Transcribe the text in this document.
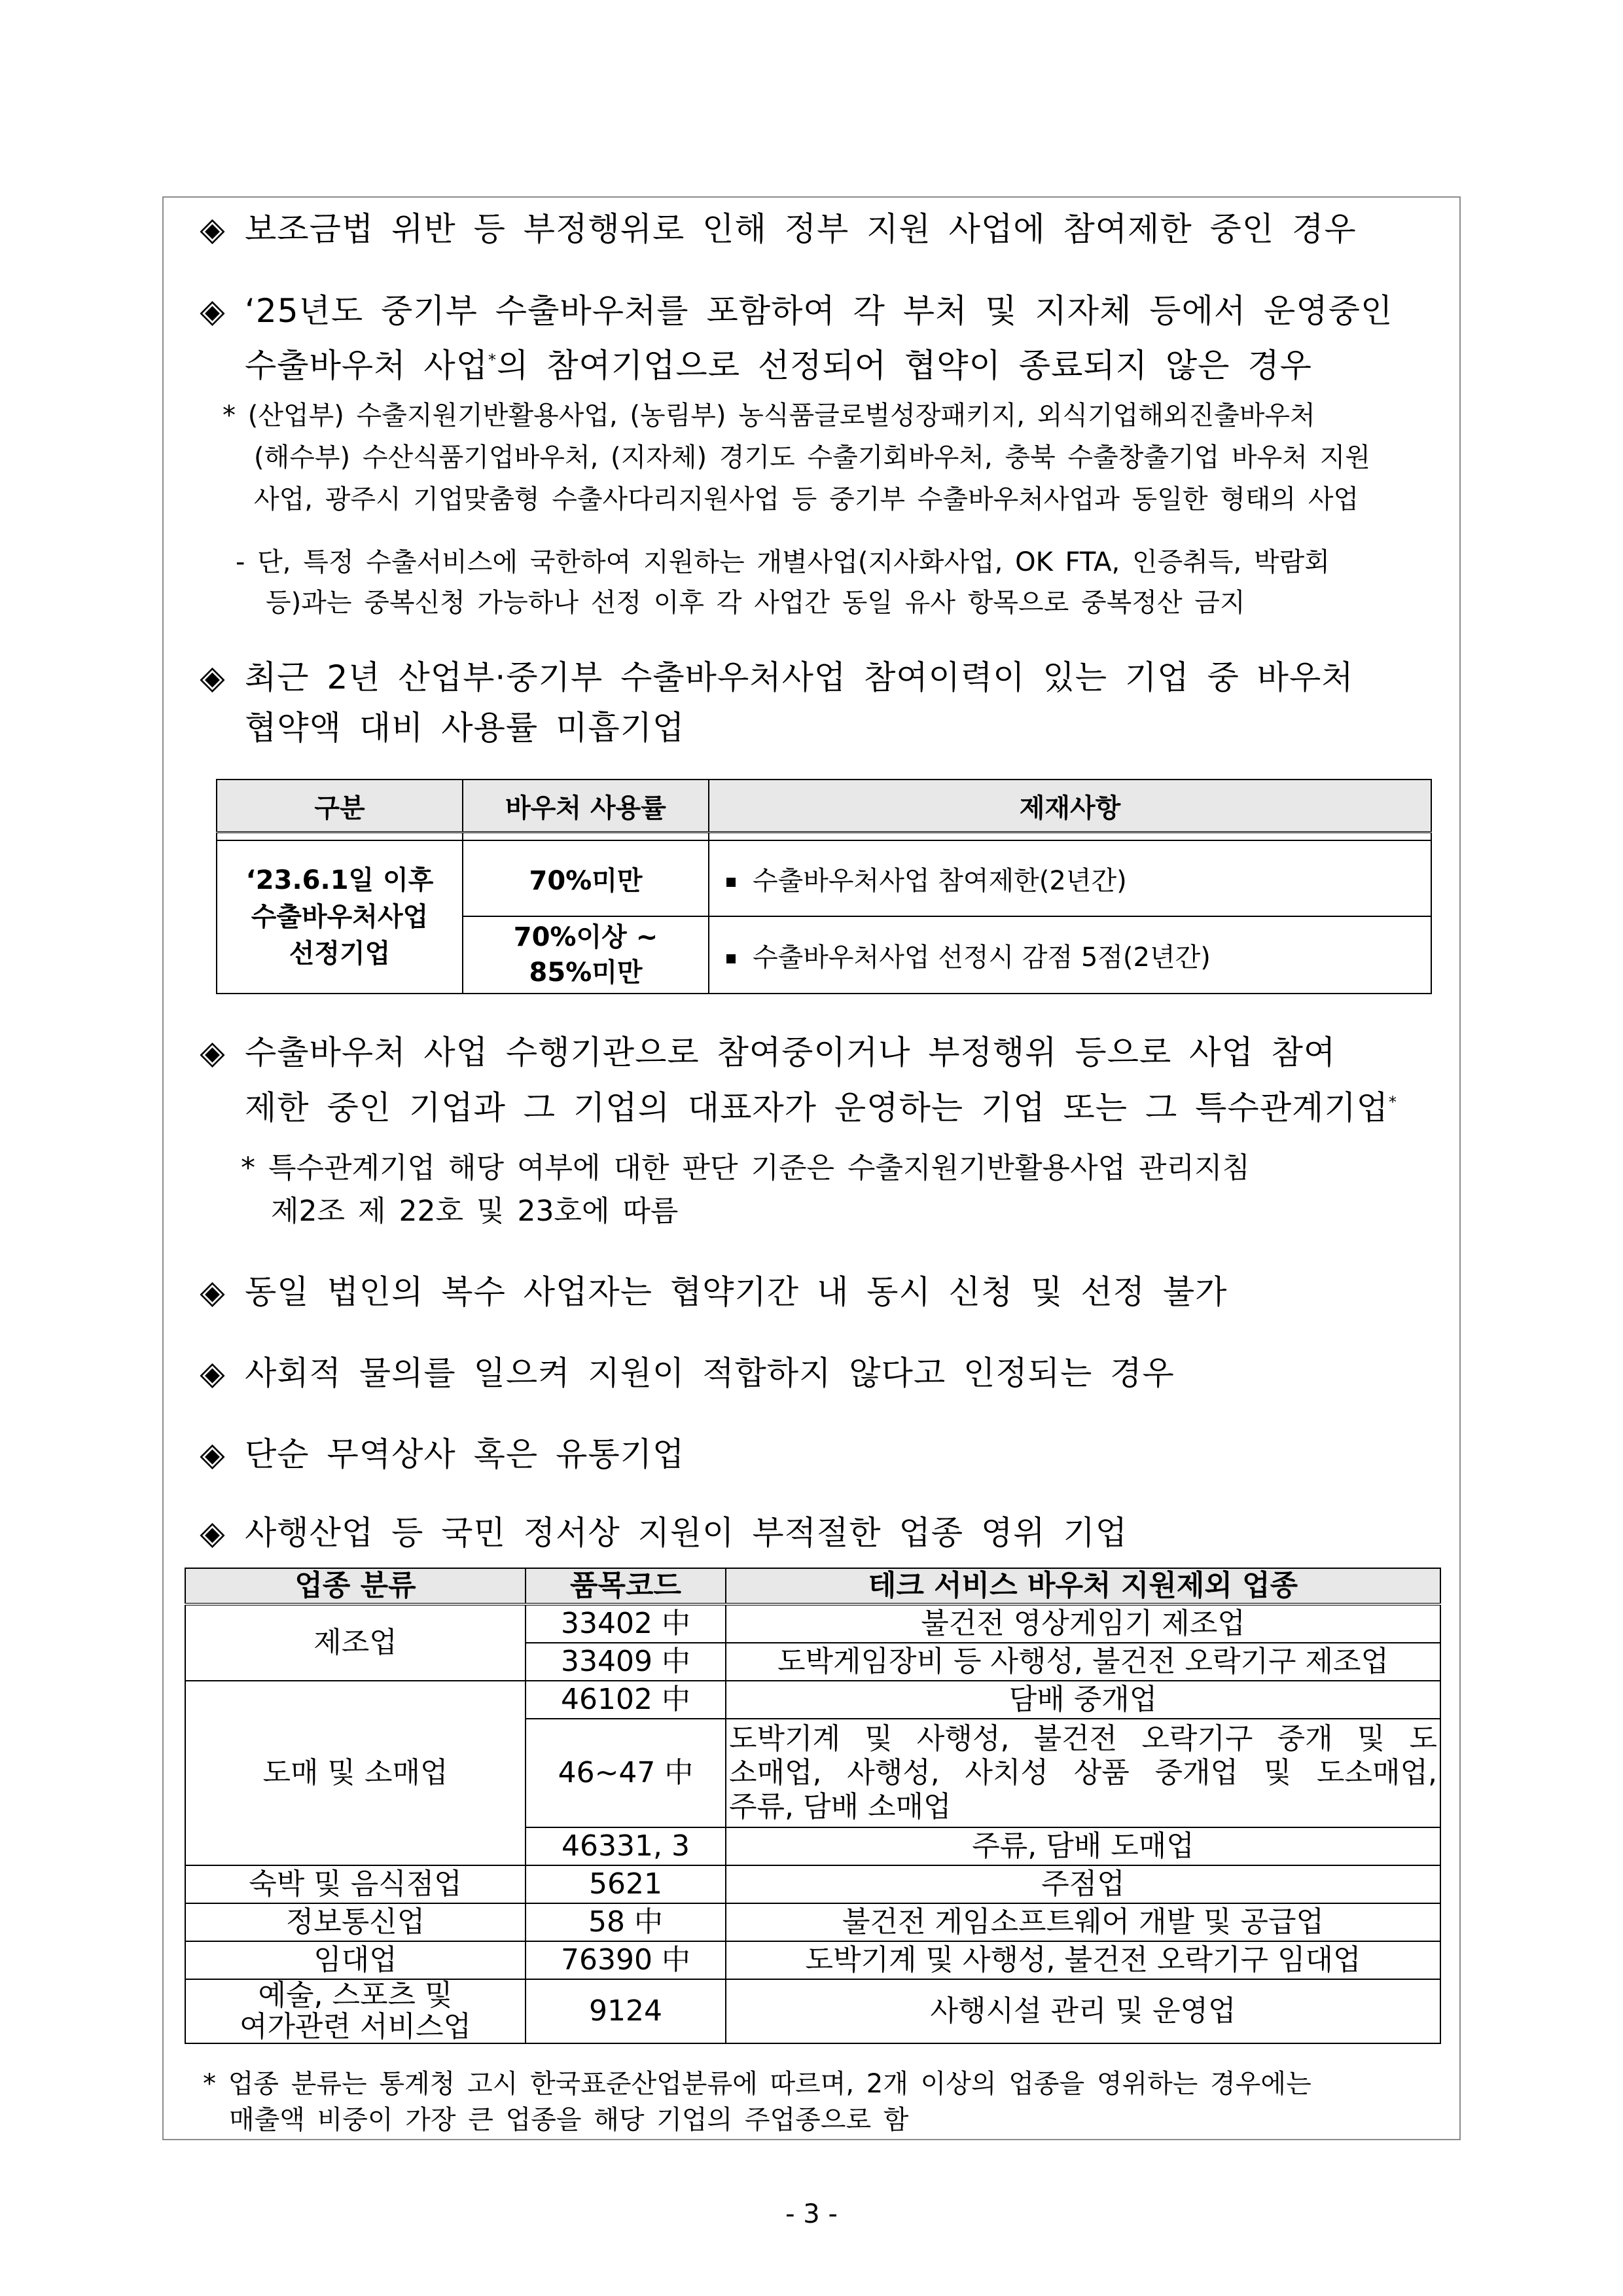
◈ 보조금법 위반 등 부정행위로 인해 정부 지원 사업에 참여제한 중인 경우

◈ ‘25년도 중기부 수출바우처를 포함하여 각 부처 및 지자체 등에서 운영중인

수출바우처 사업*의 참여기업으로 선정되어 협약이 종료되지 않은 경우

* (산업부) 수출지원기반활용사업, (농림부) 농식품글로벌성장패키지, 외식기업해외진출바우처

(해수부) 수산식품기업바우처, (지자체) 경기도 수출기회바우처, 충북 수출창출기업 바우처 지원

사업, 광주시 기업맞춤형 수출사다리지원사업 등 중기부 수출바우처사업과 동일한 형태의 사업

- 단, 특정 수출서비스에 국한하여 지원하는 개별사업(지사화사업, OK FTA, 인증취득, 박람회

등)과는 중복신청 가능하나 선정 이후 각 사업간 동일 유사 항목으로 중복정산 금지

◈ 최근 2년 산업부·중기부 수출바우처사업 참여이력이 있는 기업 중 바우처

협약액 대비 사용률 미흡기업

구분	바우처 사용률	제재사항

‘23.6.1일 이후
수출바우처사업
선정기업	70%미만	수출바우처사업 참여제한(2년간)

	70%이상 ~
85%미만	수출바우처사업 선정시 감점 5점(2년간)

◈ 수출바우처 사업 수행기관으로 참여중이거나 부정행위 등으로 사업 참여

제한 중인 기업과 그 기업의 대표자가 운영하는 기업 또는 그 특수관계기업*

* 특수관계기업 해당 여부에 대한 판단 기준은 수출지원기반활용사업 관리지침

제2조 제 22호 및 23호에 따름

◈ 동일 법인의 복수 사업자는 협약기간 내 동시 신청 및 선정 불가

◈ 사회적 물의를 일으켜 지원이 적합하지 않다고 인정되는 경우

◈ 단순 무역상사 혹은 유통기업

◈ 사행산업 등 국민 정서상 지원이 부적절한 업종 영위 기업

업종 분류	품목코드	테크 서비스 바우처 지원제외 업종
제조업	33402 中	불건전 영상게임기 제조업
	33409 中	도박게임장비 등 사행성, 불건전 오락기구 제조업
도매 및 소매업	46102 中	담배 중개업
	46~47 中	도박기계 및 사행성, 불건전 오락기구 중개 및 도
소매업, 사행성, 사치성 상품 중개업 및 도소매업,
주류, 담배 소매업

	46331, 3	주류, 담배 도매업
숙박 및 음식점업	5621	주점업
정보통신업	58 中	불건전 게임소프트웨어 개발 및 공급업
임대업	76390 中	도박기계 및 사행성, 불건전 오락기구 임대업

예술, 스포츠 및
여가관련 서비스업	9124	사행시설 관리 및 운영업

* 업종 분류는 통계청 고시 한국표준산업분류에 따르며, 2개 이상의 업종을 영위하는 경우에는

매출액 비중이 가장 큰 업종을 해당 기업의 주업종으로 함

- 3 -
